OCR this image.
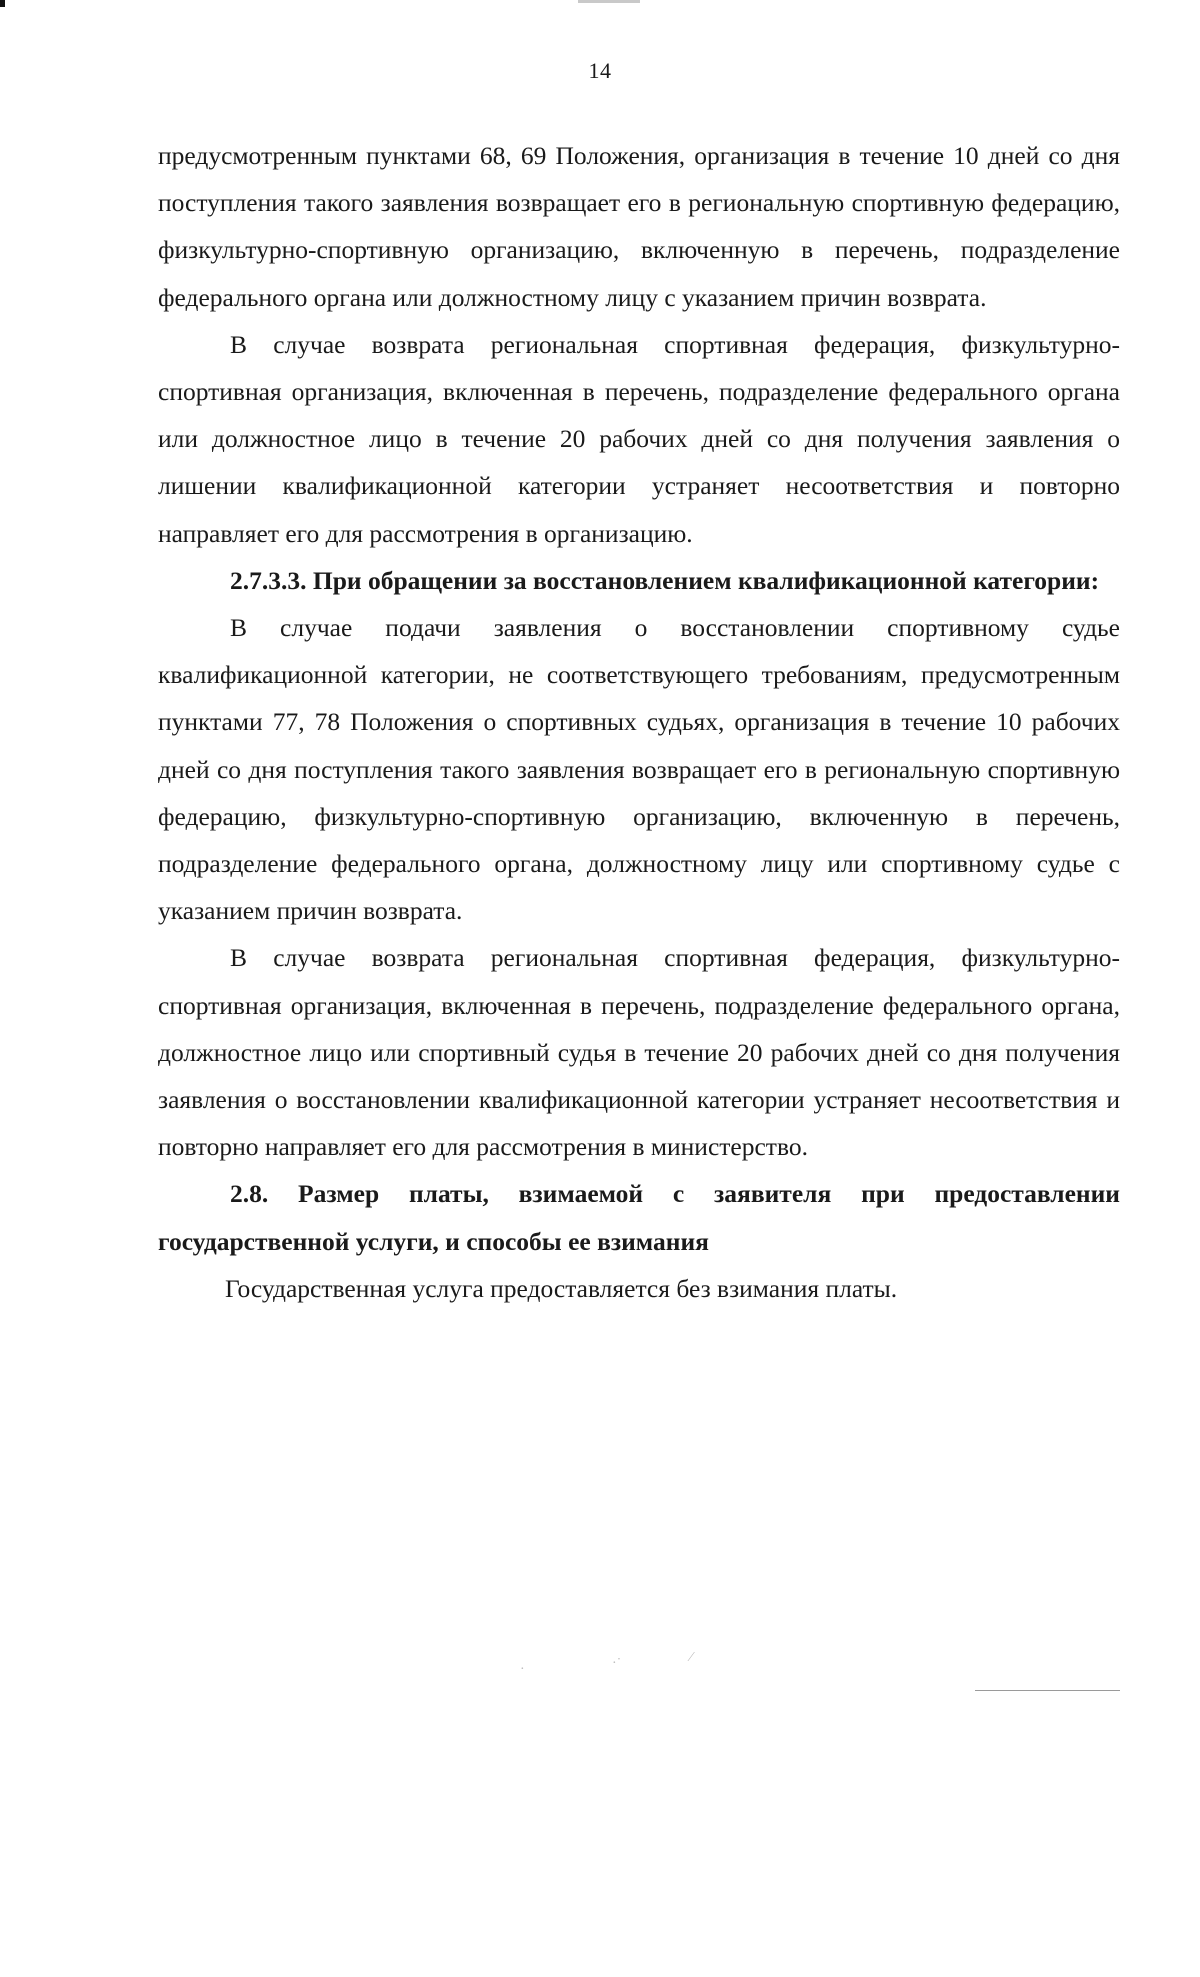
14

предусмотренным пунктами 68, 69 Положения, организация в течение 10 дней со дня поступления такого заявления возвращает его в региональную спортивную федерацию, физкультурно-спортивную организацию, включенную в перечень, подразделение федерального органа или должностному лицу с указанием причин возврата.

В случае возврата региональная спортивная федерация, физкультурно-спортивная организация, включенная в перечень, подразделение федерального органа или должностное лицо в течение 20 рабочих дней со дня получения заявления о лишении квалификационной категории устраняет несоответствия и повторно направляет его для рассмотрения в организацию.

2.7.3.3. При обращении за восстановлением квалификационной категории:

В случае подачи заявления о восстановлении спортивному судье квалификационной категории, не соответствующего требованиям, предусмотренным пунктами 77, 78 Положения о спортивных судьях, организация в течение 10 рабочих дней со дня поступления такого заявления возвращает его в региональную спортивную федерацию, физкультурно-спортивную организацию, включенную в перечень, подразделение федерального органа, должностному лицу или спортивному судье с указанием причин возврата.

В случае возврата региональная спортивная федерация, физкультурно-спортивная организация, включенная в перечень, подразделение федерального органа, должностное лицо или спортивный судья в течение 20 рабочих дней со дня получения заявления о восстановлении квалификационной категории устраняет несоответствия и повторно направляет его для рассмотрения в министерство.

2.8. Размер платы, взимаемой с заявителя при предоставлении государственной услуги, и способы ее взимания

Государственная услуга предоставляется без взимания платы.

·	·˙	⁄
